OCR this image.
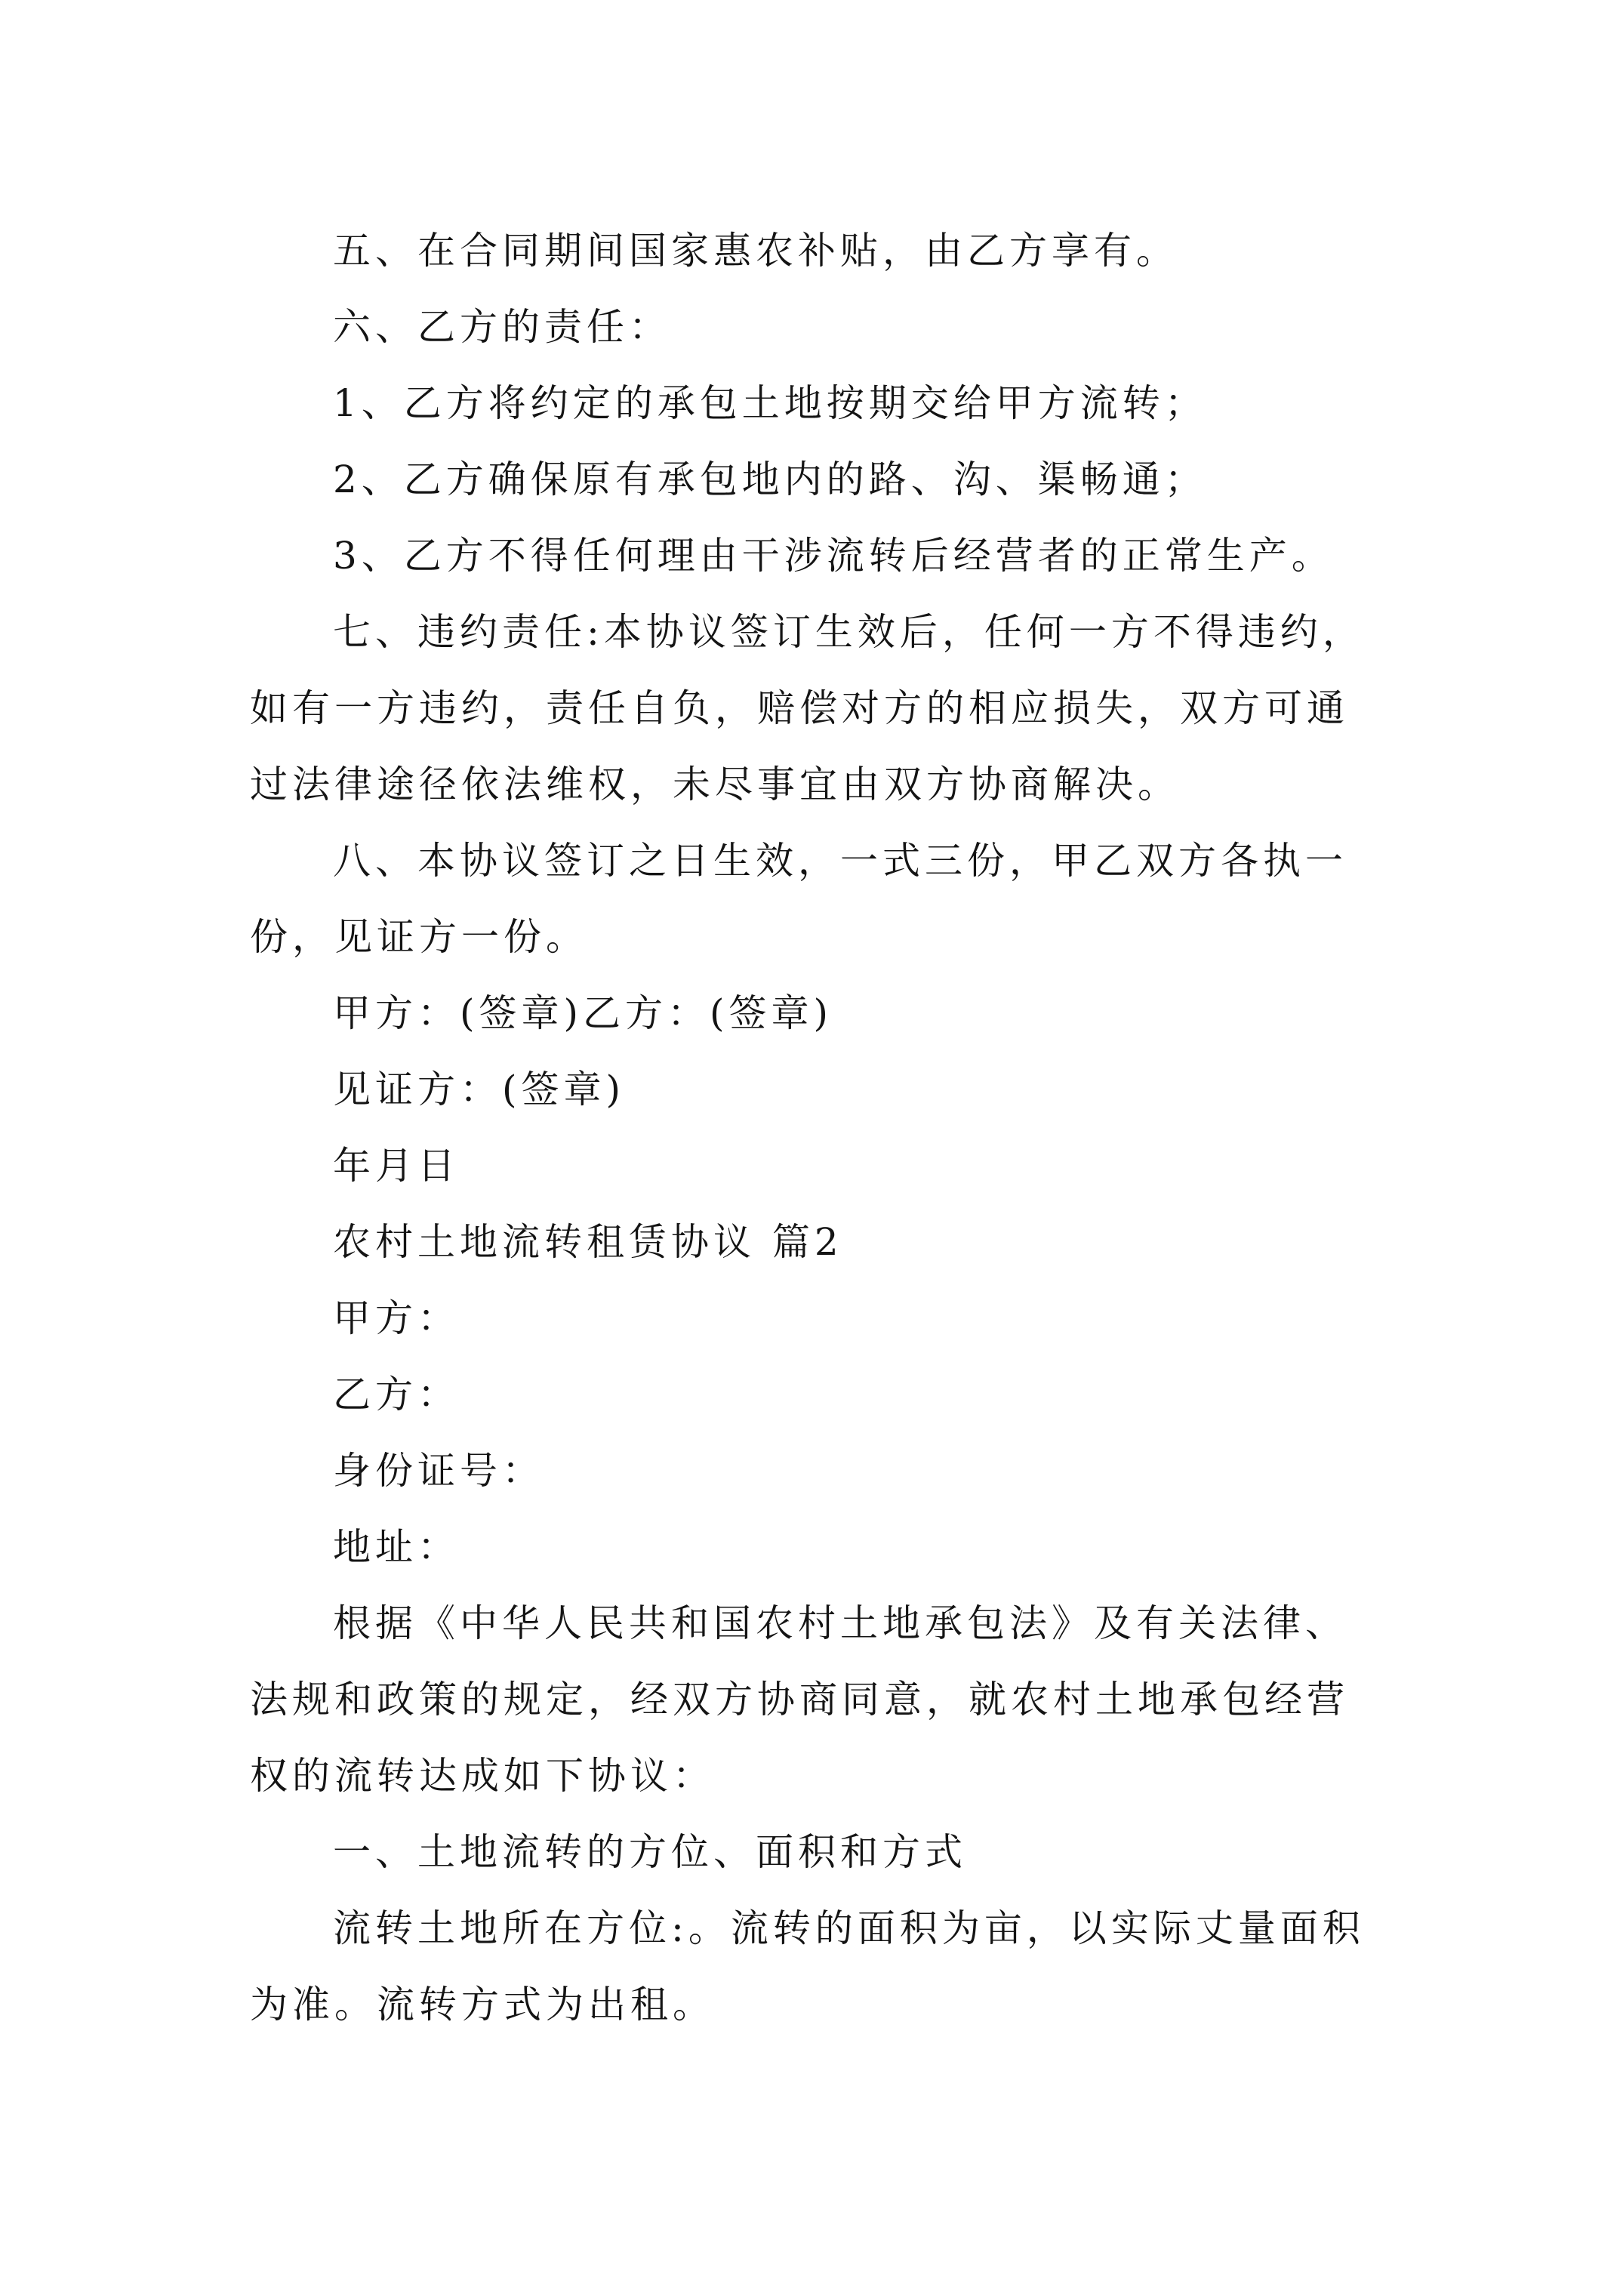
五、在合同期间国家惠农补贴，由乙方享有。

六、乙方的责任：

1、乙方将约定的承包土地按期交给甲方流转；

2、乙方确保原有承包地内的路、沟、渠畅通；

3、乙方不得任何理由干涉流转后经营者的正常生产。

七、违约责任:本协议签订生效后，任何一方不得违约，如有一方违约，责任自负，赔偿对方的相应损失，双方可通过法律途径依法维权，未尽事宜由双方协商解决。

八、本协议签订之日生效，一式三份，甲乙双方各执一份，见证方一份。

甲方：(签章)乙方：(签章)

见证方：(签章)

年月日

农村土地流转租赁协议 篇2

甲方：

乙方：

身份证号：

地址：

根据《中华人民共和国农村土地承包法》及有关法律、法规和政策的规定，经双方协商同意，就农村土地承包经营权的流转达成如下协议：

一、土地流转的方位、面积和方式

流转土地所在方位:。流转的面积为亩，以实际丈量面积为准。流转方式为出租。
